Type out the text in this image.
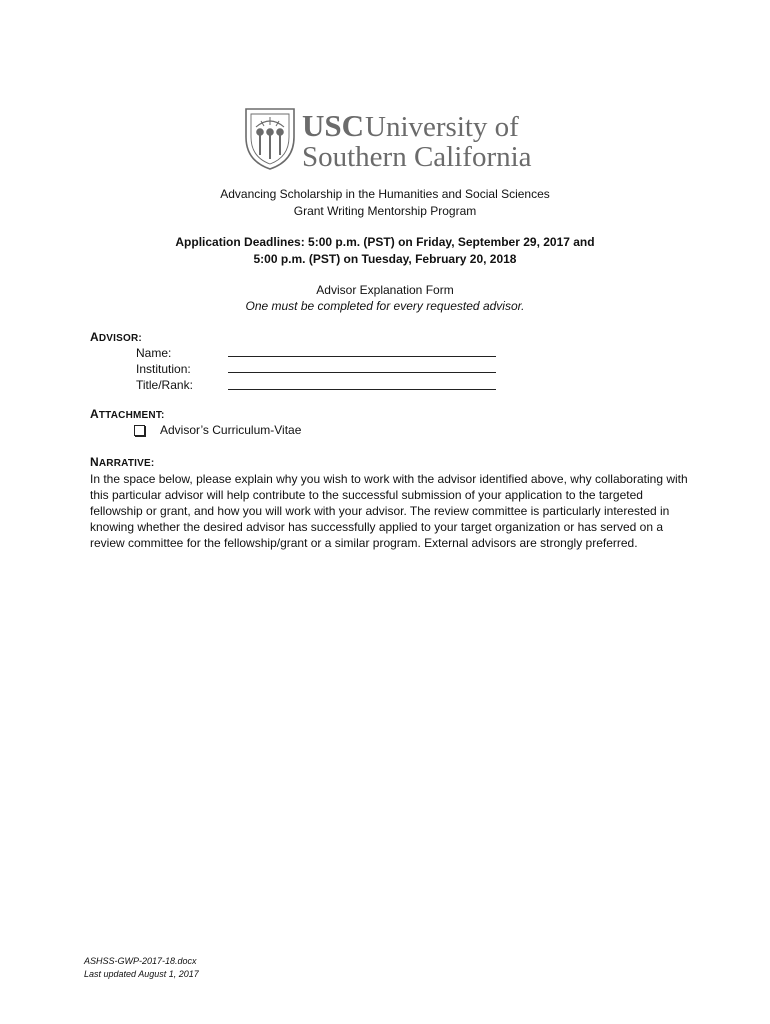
USC University of
Southern California
Advancing Scholarship in the Humanities and Social Sciences
Grant Writing Mentorship Program
Application Deadlines: 5:00 p.m. (PST) on Friday, September 29, 2017 and
5:00 p.m. (PST) on Tuesday, February 20, 2018
Advisor Explanation Form
One must be completed for every requested advisor.
ADVISOR:
Name:
Institution:
Title/Rank:
ATTACHMENT:
Advisor’s Curriculum-Vitae
NARRATIVE:

In the space below, please explain why you wish to work with the advisor identified above, why collaborating with this particular advisor will help contribute to the successful submission of your application to the targeted fellowship or grant, and how you will work with your advisor. The review committee is particularly interested in knowing whether the desired advisor has successfully applied to your target organization or has served on a review committee for the fellowship/grant or a similar program. External advisors are strongly preferred.

ASHSS-GWP-2017-18.docx
Last updated August 1, 2017
